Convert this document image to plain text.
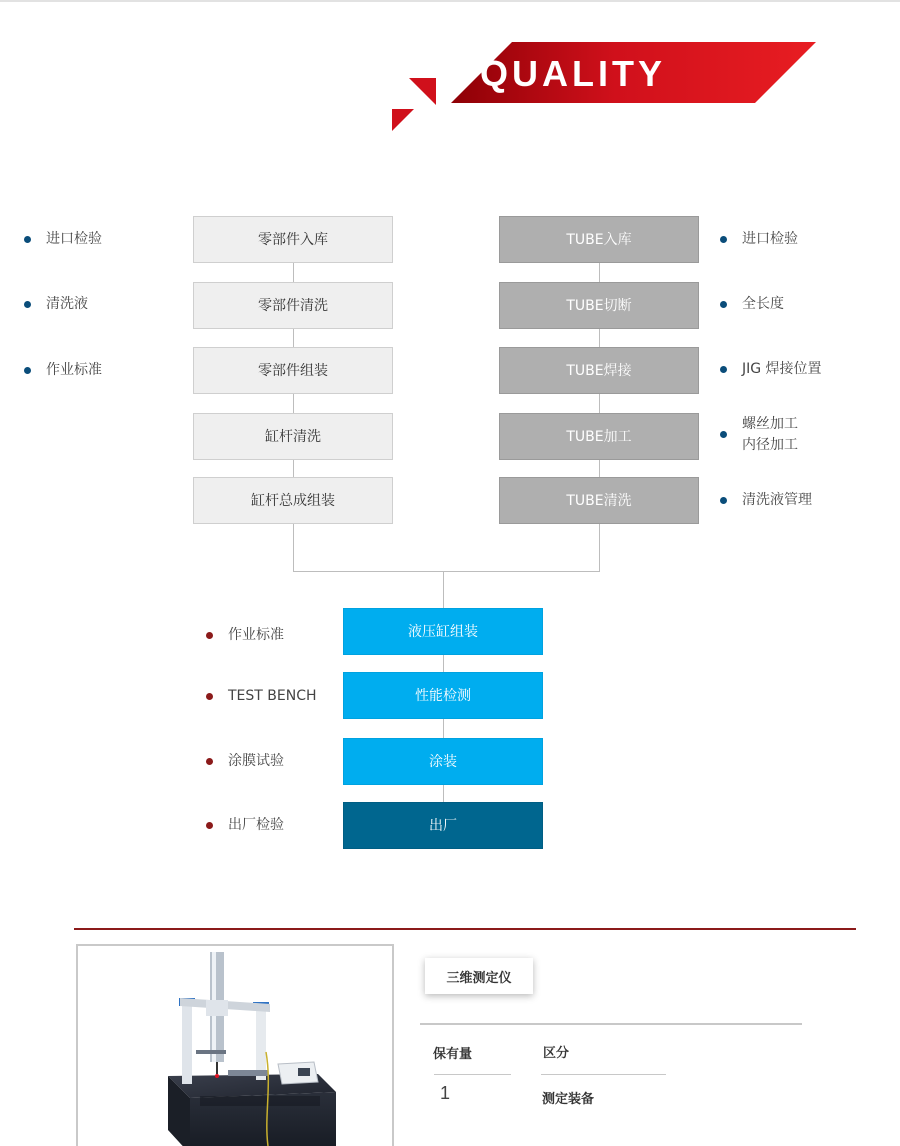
QUALITY
零部件入库
零部件清洗
零部件组装
缸杆清洗
缸杆总成组装
TUBE入库
TUBE切断
TUBE焊接
TUBE加工
TUBE清洗
进口检验
清洗液
作业标准
进口检验
全长度
JIG 焊接位置
螺丝加工
内径加工
清洗液管理
液压缸组装
性能检测
涂装
出厂
作业标准
TEST BENCH
涂膜试验
出厂检验
三维测定仪
保有量	区分
1	测定装备
